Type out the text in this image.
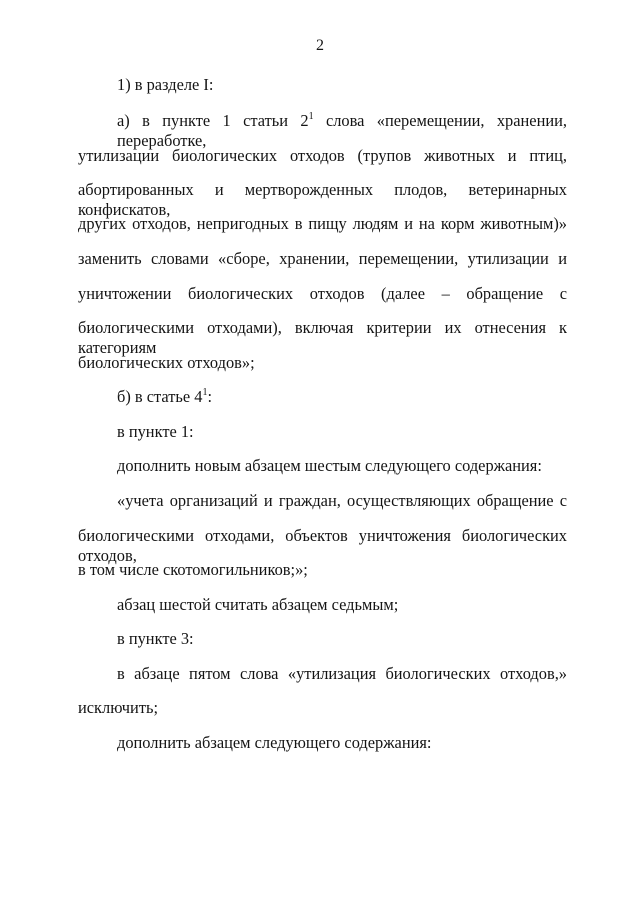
2
1) в разделе I:
а) в пункте 1 статьи $2^1$ слова «перемещении, хранении, переработке,
утилизации биологических отходов (трупов животных и птиц,
абортированных и мертворожденных плодов, ветеринарных конфискатов,
других отходов, непригодных в пищу людям и на корм животным)»
заменить словами «сборе, хранении, перемещении, утилизации и
уничтожении биологических отходов (далее – обращение с
биологическими отходами), включая критерии их отнесения к категориям
биологических отходов»;
б) в статье $4^1$:
в пункте 1:
дополнить новым абзацем шестым следующего содержания:
«учета организаций и граждан, осуществляющих обращение с
биологическими отходами, объектов уничтожения биологических отходов,
в том числе скотомогильников;»;
абзац шестой считать абзацем седьмым;
в пункте 3:
в абзаце пятом слова «утилизация биологических отходов,»
исключить;
дополнить абзацем следующего содержания:
